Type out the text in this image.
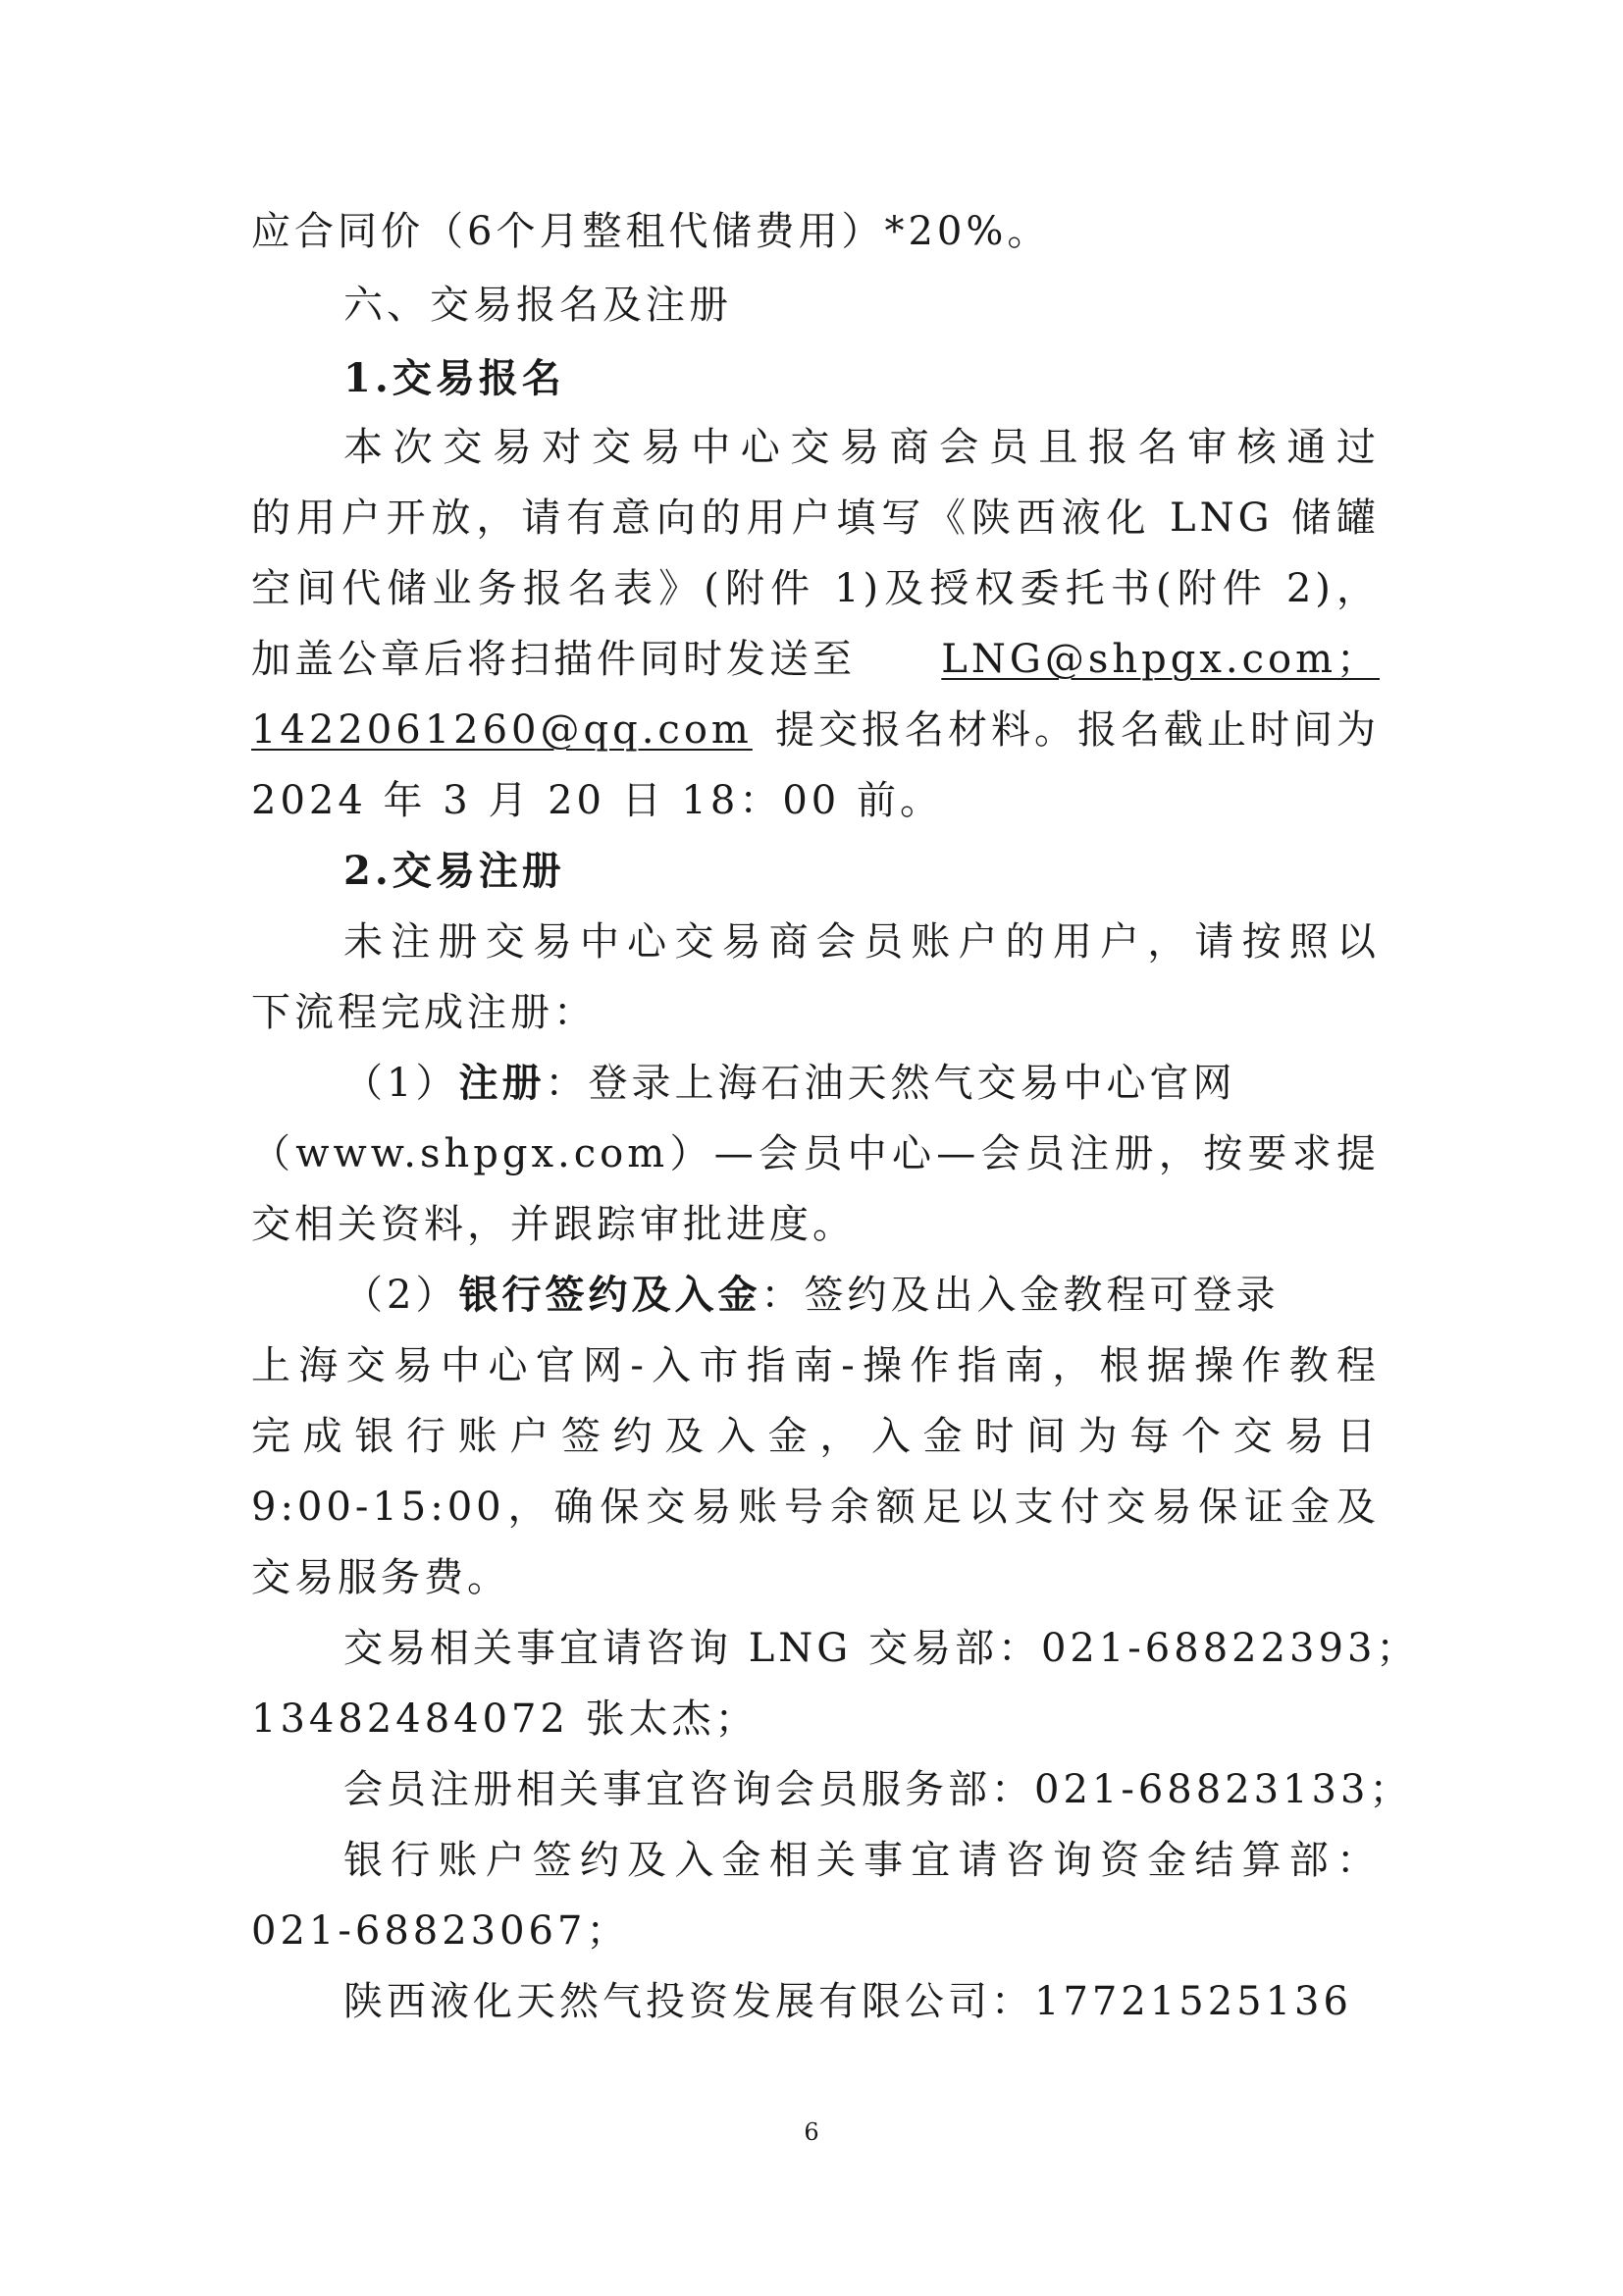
应合同价（6个月整租代储费用）*20%。
六、交易报名及注册
1.交易报名
本次交易对交易中心交易商会员且报名审核通过
的用户开放，请有意向的用户填写《陕西液化 LNG 储罐
空间代储业务报名表》(附件 1)及授权委托书(附件 2)，
加盖公章后将扫描件同时发送至 LNG@shpgx.com；
1422061260@qq.com 提交报名材料。报名截止时间为
2024 年 3 月 20 日 18：00 前。
2.交易注册
未注册交易中心交易商会员账户的用户，请按照以
下流程完成注册：
（1）注册：登录上海石油天然气交易中心官网
（www.shpgx.com）—会员中心—会员注册，按要求提
交相关资料，并跟踪审批进度。
（2）银行签约及入金：签约及出入金教程可登录
上海交易中心官网-入市指南-操作指南，根据操作教程
完成银行账户签约及入金，入金时间为每个交易日
9:00-15:00，确保交易账号余额足以支付交易保证金及
交易服务费。
交易相关事宜请咨询 LNG 交易部：021-68822393；
13482484072 张太杰；
会员注册相关事宜咨询会员服务部：021-68823133；
银行账户签约及入金相关事宜请咨询资金结算部：
021-68823067；
陕西液化天然气投资发展有限公司：17721525136
6
